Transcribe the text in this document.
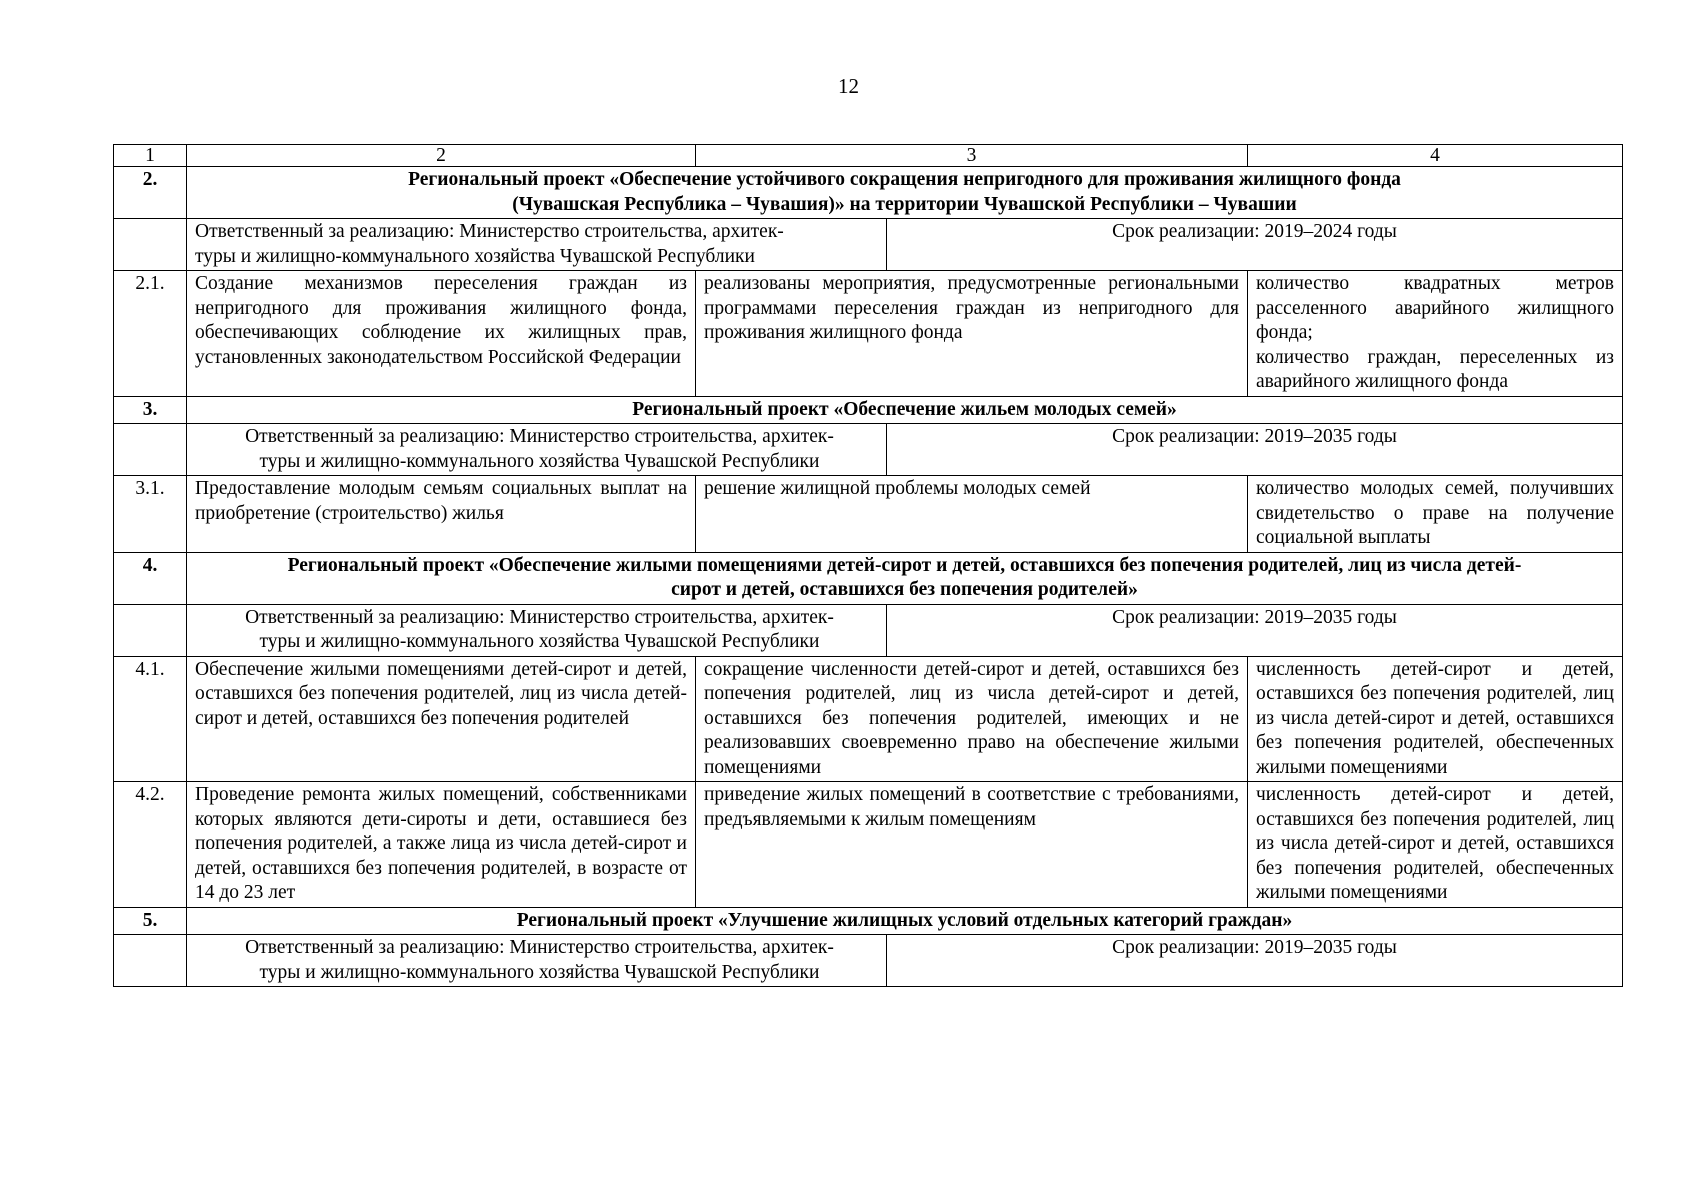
12
1	2	3	4
2.	Региональный проект «Обеспечение устойчивого сокращения непригодного для проживания жилищного фонда
(Чувашская Республика – Чувашия)» на территории Чувашской Республики – Чувашии		

	Ответственный за реализацию: Министерство строительства, архитек-
туры и жилищно-коммунального хозяйства Чувашской Республики
Срок реализации: 2019–2024 годы		

2.1.	Создание механизмов переселения граждан из непригодного для проживания жилищного фонда, обеспечивающих соблюдение их жилищных прав, установленных законодательством Российской Федерации	реализованы мероприятия, предусмотренные региональными программами переселения граждан из непригодного для проживания жилищного фонда	количество квадратных метров расселенного аварийного жилищного фонда;
количество граждан, переселенных из аварийного жилищного фонда

3.	Региональный проект «Обеспечение жильем молодых семей»		

	Ответственный за реализацию: Министерство строительства, архитек-
туры и жилищно-коммунального хозяйства Чувашской Республики
Срок реализации: 2019–2035 годы		

3.1.	Предоставление молодым семьям социальных выплат на приобретение (строительство) жилья	решение жилищной проблемы молодых семей	количество молодых семей, получивших свидетельство о праве на получение социальной выплаты
4.	Региональный проект «Обеспечение жилыми помещениями детей-сирот и детей, оставшихся без попечения родителей, лиц из числа детей-
сирот и детей, оставшихся без попечения родителей»		

	Ответственный за реализацию: Министерство строительства, архитек-
туры и жилищно-коммунального хозяйства Чувашской Республики
Срок реализации: 2019–2035 годы		

4.1.	Обеспечение жилыми помещениями детей-сирот и детей, оставшихся без попечения родителей, лиц из числа детей-сирот и детей, оставшихся без попечения родителей	сокращение численности детей-сирот и детей, оставшихся без попечения родителей, лиц из числа детей-сирот и детей, оставшихся без попечения родителей, имеющих и не реализовавших своевременно право на обеспечение жилыми помещениями	численность детей-сирот и детей, оставшихся без попечения родителей, лиц из числа детей-сирот и детей, оставшихся без попечения родителей, обеспеченных жилыми помещениями
4.2.	Проведение ремонта жилых помещений, собственниками которых являются дети-сироты и дети, оставшиеся без попечения родителей, а также лица из числа детей-сирот и детей, оставшихся без попечения родителей, в возрасте от 14 до 23 лет	приведение жилых помещений в соответствие с требованиями, предъявляемыми к жилым помещениям	численность детей-сирот и детей, оставшихся без попечения родителей, лиц из числа детей-сирот и детей, оставшихся без попечения родителей, обеспеченных жилыми помещениями
5.	Региональный проект «Улучшение жилищных условий отдельных категорий граждан»		

	Ответственный за реализацию: Министерство строительства, архитек-
туры и жилищно-коммунального хозяйства Чувашской Республики
Срок реализации: 2019–2035 годы		
